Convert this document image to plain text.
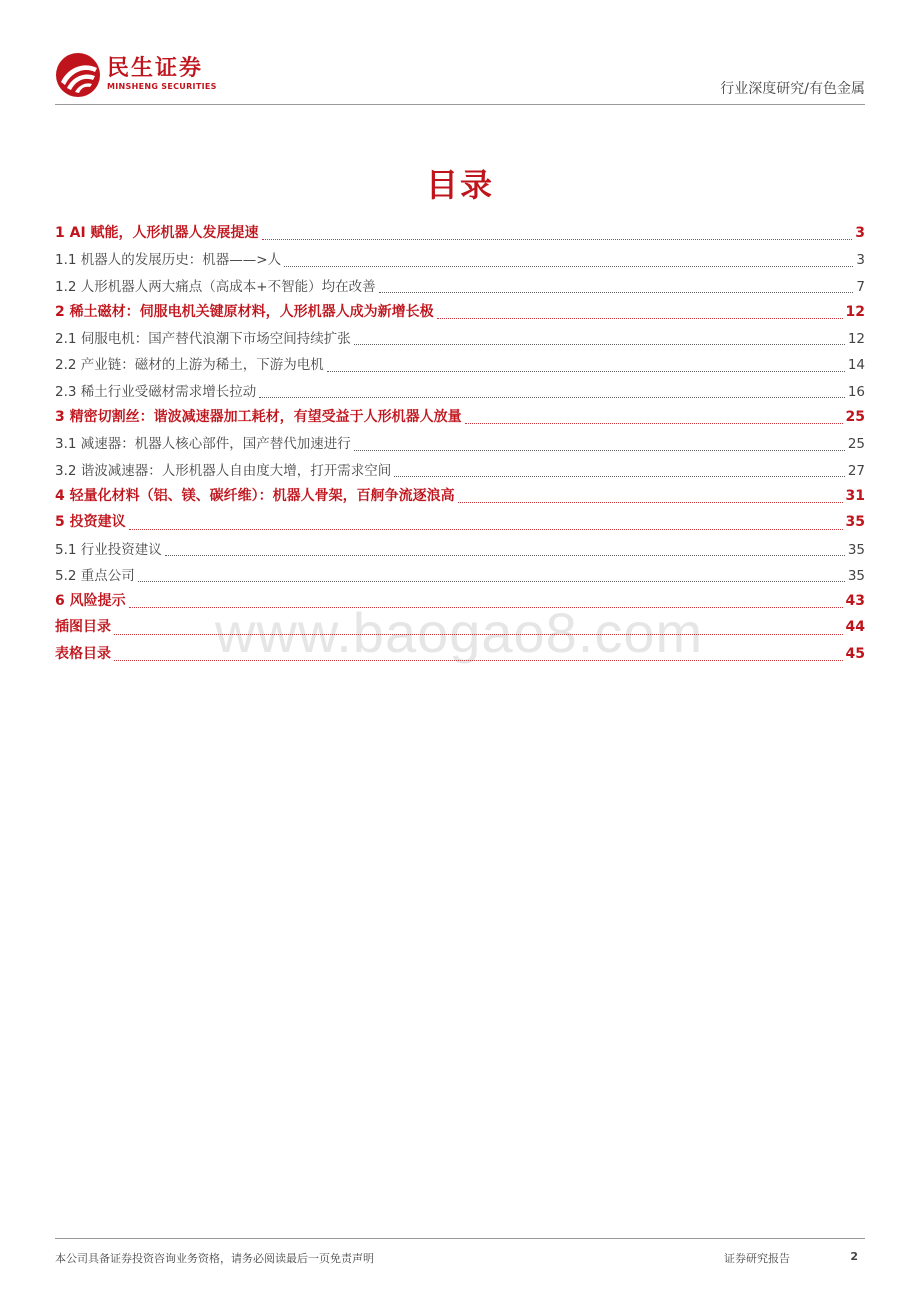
民生证券
MINSHENG SECURITIES	行业深度研究/有色金属
www.baogao8.com
目录
1 AI 赋能，人形机器人发展提速	3
1.1 机器人的发展历史：机器——>人	3
1.2 人形机器人两大痛点（高成本+不智能）均在改善	7
2 稀土磁材：伺服电机关键原材料，人形机器人成为新增长极	12
2.1 伺服电机：国产替代浪潮下市场空间持续扩张	12
2.2 产业链：磁材的上游为稀土，下游为电机	14
2.3 稀土行业受磁材需求增长拉动	16
3 精密切割丝：谐波减速器加工耗材，有望受益于人形机器人放量	25
3.1 减速器：机器人核心部件，国产替代加速进行	25
3.2 谐波减速器：人形机器人自由度大增，打开需求空间	27
4 轻量化材料（铝、镁、碳纤维）：机器人骨架，百舸争流逐浪高	31
5 投资建议	35
5.1 行业投资建议	35
5.2 重点公司	35
6 风险提示	43
插图目录	44
表格目录	45
本公司具备证券投资咨询业务资格，请务必阅读最后一页免责声明	证券研究报告	2
